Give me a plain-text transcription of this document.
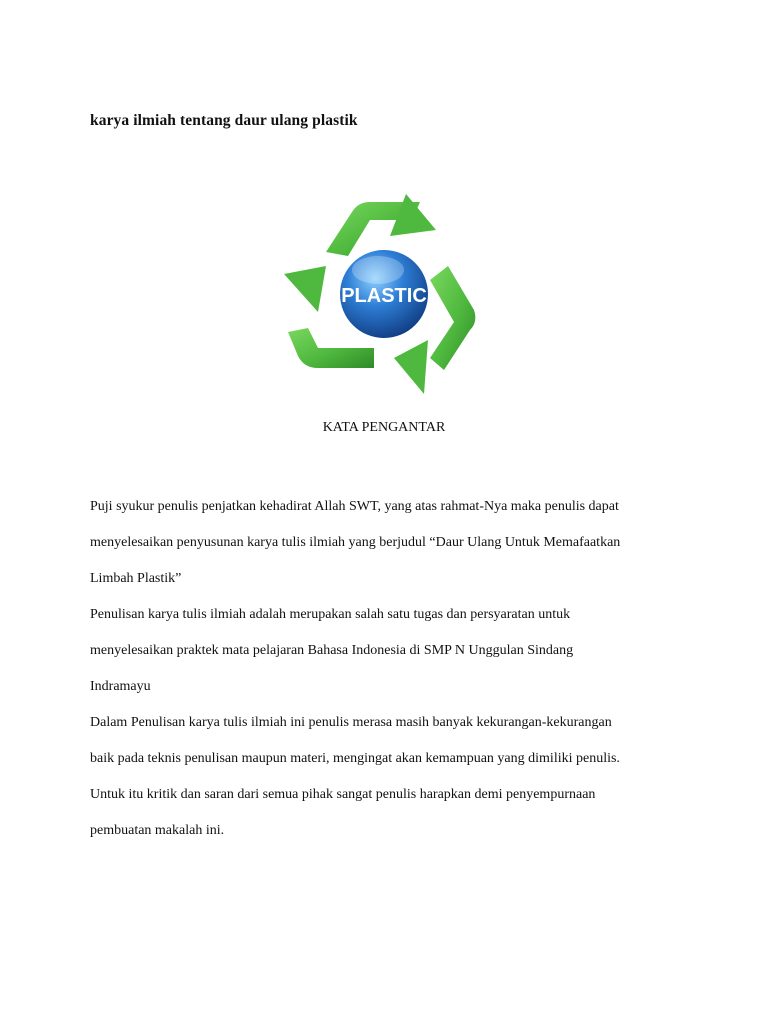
karya ilmiah tentang daur ulang plastik
PLASTIC
KATA PENGANTAR
Puji syukur penulis penjatkan kehadirat Allah SWT, yang atas rahmat-Nya maka penulis dapat
menyelesaikan penyusunan karya tulis ilmiah yang berjudul “Daur Ulang Untuk Memafaatkan
Limbah Plastik”
Penulisan karya tulis ilmiah adalah merupakan salah satu tugas dan persyaratan untuk
menyelesaikan praktek mata pelajaran Bahasa Indonesia di SMP N Unggulan Sindang
Indramayu
Dalam Penulisan karya tulis ilmiah ini penulis merasa masih banyak kekurangan-kekurangan
baik pada teknis penulisan maupun materi, mengingat akan kemampuan yang dimiliki penulis.
Untuk itu kritik dan saran dari semua pihak sangat penulis harapkan demi penyempurnaan
pembuatan makalah ini.
